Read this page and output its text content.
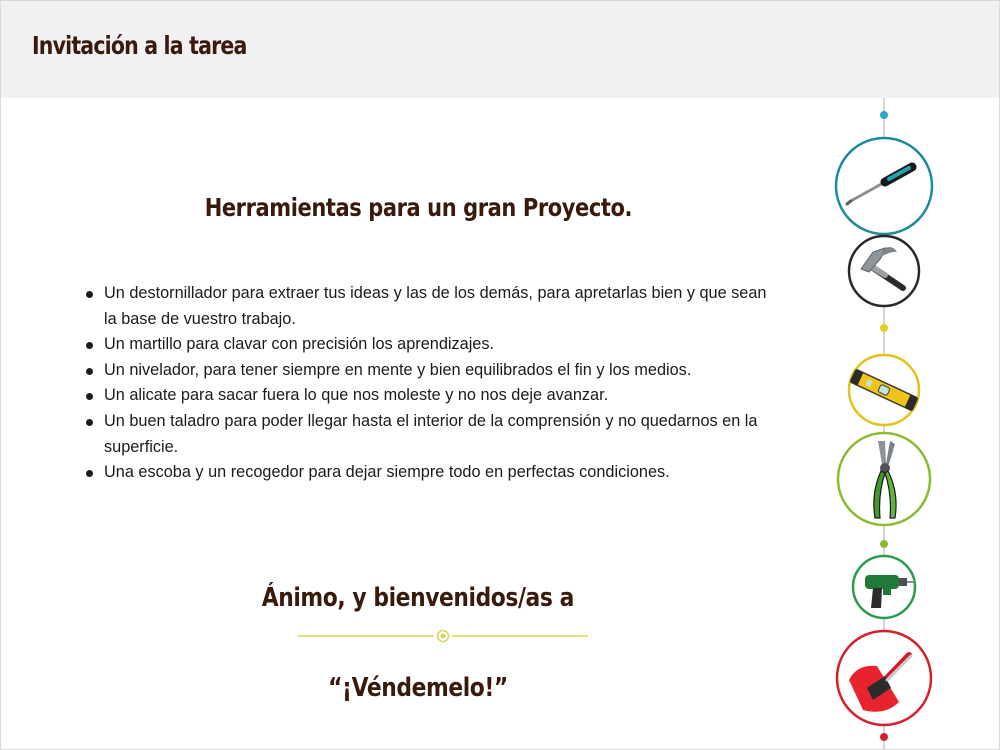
Invitación a la tarea
Herramientas para un gran Proyecto.
Un destornillador para extraer tus ideas y las de los demás, para apretarlas bien y que sean la base de vuestro trabajo.
Un martillo para clavar con precisión los aprendizajes.
Un nivelador, para tener siempre en mente y bien equilibrados el fin y los medios.
Un alicate para sacar fuera lo que nos moleste y no nos deje avanzar.
Un buen taladro para poder llegar hasta el interior de la comprensión y no quedarnos en la superficie.
Una escoba y un recogedor para dejar siempre todo en perfectas condiciones.
Ánimo, y bienvenidos/as a
“¡Véndemelo!”
